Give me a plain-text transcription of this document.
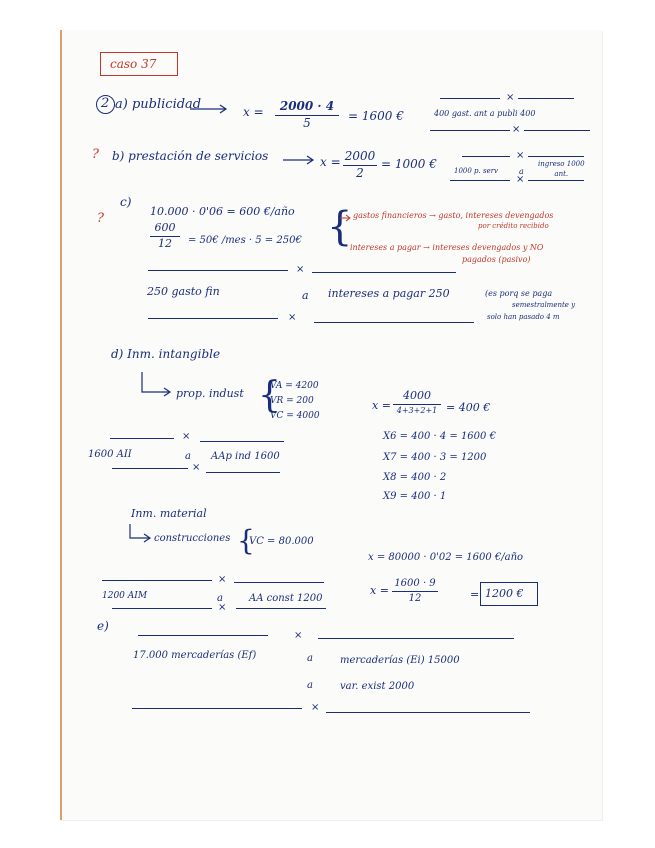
caso 37
2 a) publicidad	x = 2000 · 4
5	= 1600 €
×
400 gast. ant a publi 400
×
? b) prestación de servicios	x = 2000
2
= 1000 €
×
1000 p. serv	a
ingreso 1000
ant.
×
?
c)
10.000 · 0'06 = 600 €/año
600
12 = 50€ /mes · 5 = 250€ { gastos financieros → gasto, intereses devengados
por crédito recibido
intereses a pagar → intereses devengados y NO
pagados (pasivo)
×
250 gasto fin	a intereses a pagar 250	(es porq se paga
semestralmente y
solo han pasado 4 m
×
d) Inm. intangible
prop. indust {
VA = 4200
VR = 200
VC = 4000
x =
4000
4+3+2+1 = 400 €
×
1600 AII	a AAp ind 1600
×
X6 = 400 · 4 = 1600 €
X7 = 400 · 3 = 1200
X8 = 400 · 2
X9 = 400 · 1
Inm. material
construcciones {
VC = 80.000
x = 80000 · 0'02 = 1600 €/año
x =
1600 · 9
12	= 1200 €
×
1200 AIM	a	AA const 1200
×
e)
×
17.000 mercaderías (Ef)	a	mercaderías (Ei) 15000
a	var. exist 2000
×
